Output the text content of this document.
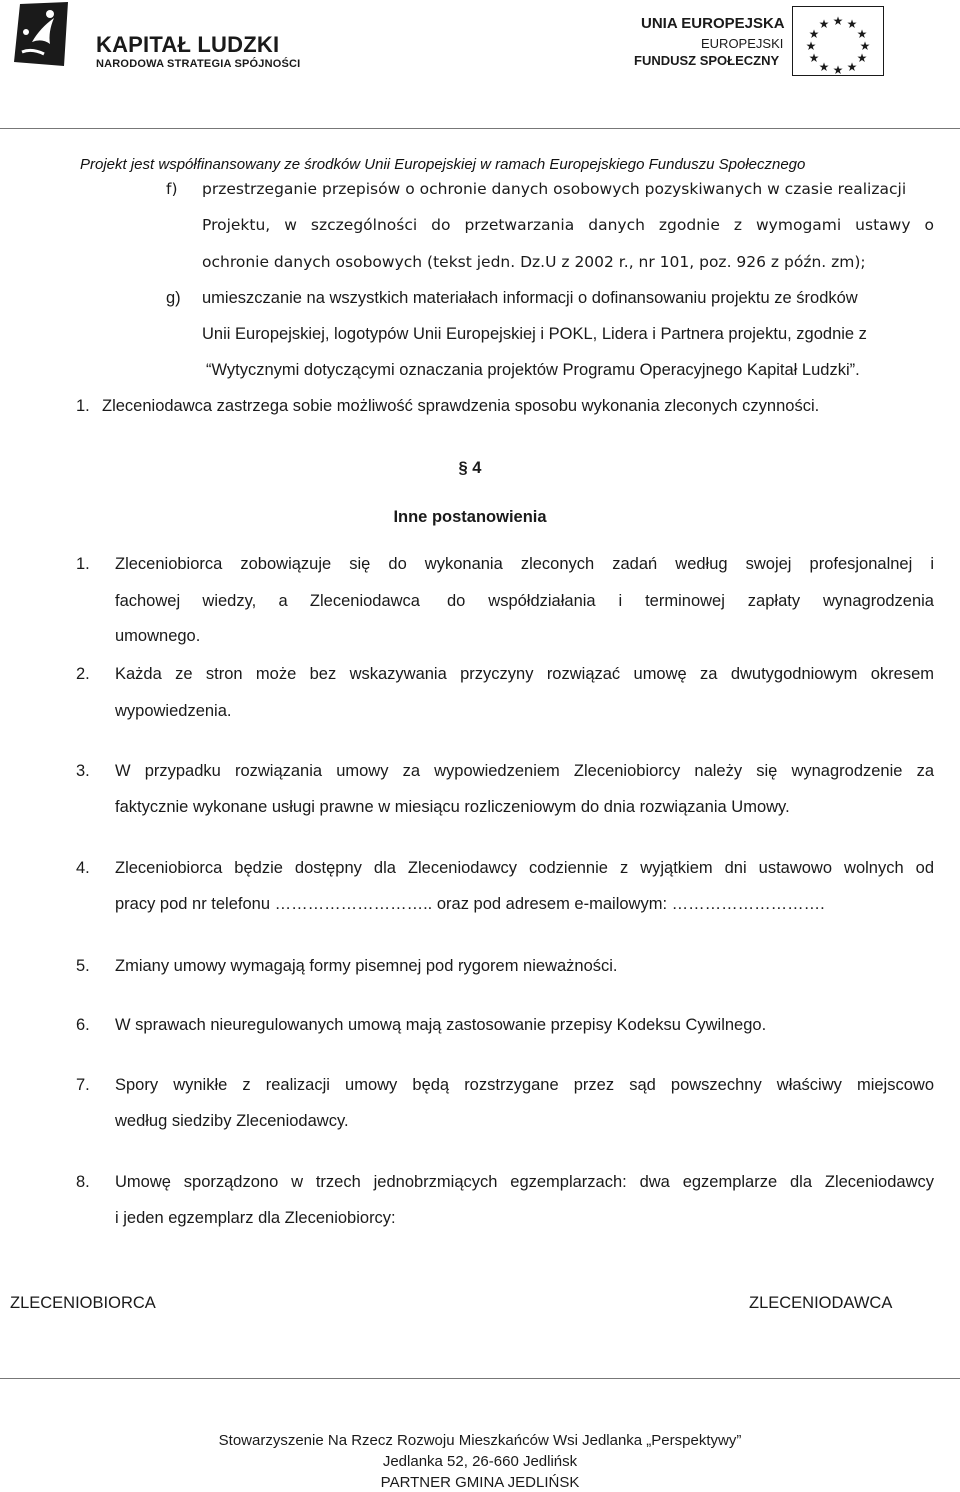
KAPITAŁ LUDZKI
NARODOWA STRATEGIA SPÓJNOŚCI
UNIA EUROPEJSKA
EUROPEJSKI
FUNDUSZ SPOŁECZNY
★ ★
★
★
★
★
★
★
★
★
★
★
Projekt jest współfinansowany ze środków Unii Europejskiej w ramach Europejskiego Funduszu Społecznego
f) przestrzeganie przepisów o ochronie danych osobowych pozyskiwanych w czasie realizacji
Projektu, w szczególności do przetwarzania danych zgodnie z wymogami ustawy o
ochronie danych osobowych (tekst jedn. Dz.U z 2002 r., nr 101, poz. 926 z późn. zm);
g) umieszczanie na wszystkich materiałach informacji o dofinansowaniu projektu ze środków
Unii Europejskiej, logotypów Unii Europejskiej i POKL, Lidera i Partnera projektu, zgodnie z
“Wytycznymi dotyczącymi oznaczania projektów Programu Operacyjnego Kapitał Ludzki”.
1. Zleceniodawca zastrzega sobie możliwość sprawdzenia sposobu wykonania zleconych czynności.
§ 4
Inne postanowienia
1. Zleceniobiorca zobowiązuje się do wykonania zleconych zadań według swojej profesjonalnej i
fachowej wiedzy, a Zleceniodawca do współdziałania i terminowej zapłaty wynagrodzenia
umownego.
2. Każda ze stron może bez wskazywania przyczyny rozwiązać umowę za dwutygodniowym okresem
wypowiedzenia.
3. W przypadku rozwiązania umowy za wypowiedzeniem Zleceniobiorcy należy się wynagrodzenie za
faktycznie wykonane usługi prawne w miesiącu rozliczeniowym do dnia rozwiązania Umowy.
4. Zleceniobiorca będzie dostępny dla Zleceniodawcy codziennie z wyjątkiem dni ustawowo wolnych od
pracy pod nr telefonu ……………………….. oraz pod adresem e-mailowym: ……………………….
5. Zmiany umowy wymagają formy pisemnej pod rygorem nieważności.
6. W sprawach nieuregulowanych umową mają zastosowanie przepisy Kodeksu Cywilnego.
7. Spory wynikłe z realizacji umowy będą rozstrzygane przez sąd powszechny właściwy miejscowo
według siedziby Zleceniodawcy.
8. Umowę sporządzono w trzech jednobrzmiących egzemplarzach: dwa egzemplarze dla Zleceniodawcy
i jeden egzemplarz dla Zleceniobiorcy:
ZLECENIOBIORCA	ZLECENIODAWCA
Stowarzyszenie Na Rzecz Rozwoju Mieszkańców Wsi Jedlanka „Perspektywy”
Jedlanka 52, 26-660 Jedlińsk
PARTNER GMINA JEDLIŃSK
